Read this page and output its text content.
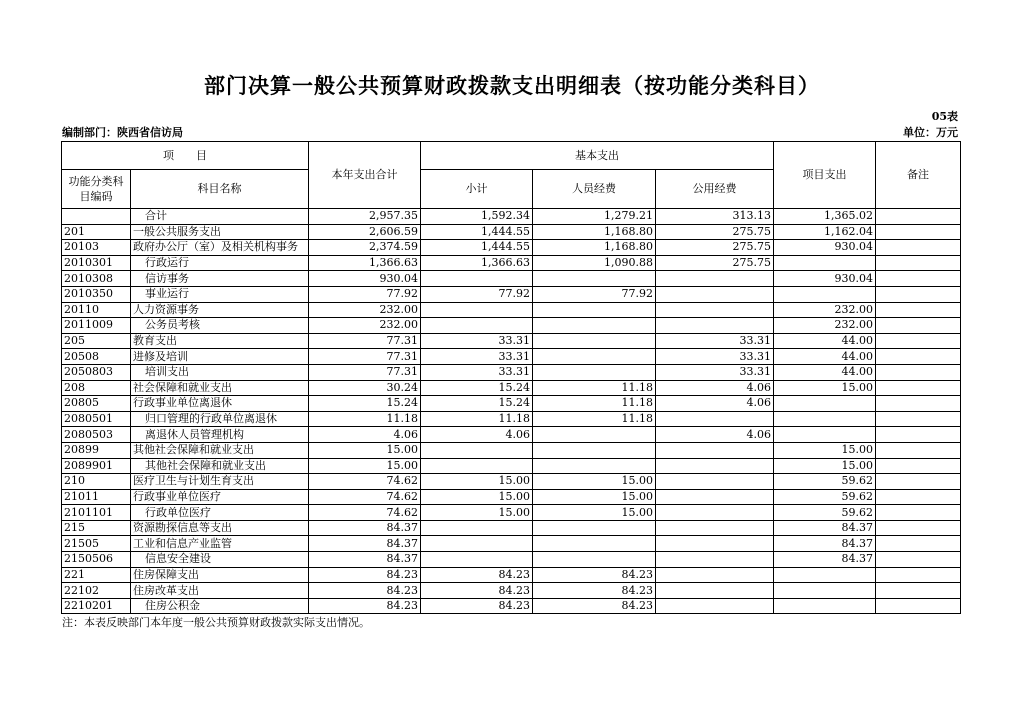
部门决算一般公共预算财政拨款支出明细表（按功能分类科目）
05表
编制部门：陕西省信访局	单位：万元
项　　目		本年支出合计	基本支出			项目支出	备注
功能分类科目编码	科目名称		小计	人员经费	公用经费		
	合计	2,957.35	1,592.34	1,279.21	313.13	1,365.02	
201	一般公共服务支出	2,606.59	1,444.55	1,168.80	275.75	1,162.04	
20103	政府办公厅（室）及相关机构事务	2,374.59	1,444.55	1,168.80	275.75	930.04	
2010301	行政运行	1,366.63	1,366.63	1,090.88	275.75		
2010308	信访事务	930.04				930.04	
2010350	事业运行	77.92	77.92	77.92			
20110	人力资源事务	232.00				232.00	
2011009	公务员考核	232.00				232.00	
205	教育支出	77.31	33.31		33.31	44.00	
20508	进修及培训	77.31	33.31		33.31	44.00	
2050803	培训支出	77.31	33.31		33.31	44.00	
208	社会保障和就业支出	30.24	15.24	11.18	4.06	15.00	
20805	行政事业单位离退休	15.24	15.24	11.18	4.06		
2080501	归口管理的行政单位离退休	11.18	11.18	11.18			
2080503	离退休人员管理机构	4.06	4.06		4.06		
20899	其他社会保障和就业支出	15.00				15.00	
2089901	其他社会保障和就业支出	15.00				15.00	
210	医疗卫生与计划生育支出	74.62	15.00	15.00		59.62	
21011	行政事业单位医疗	74.62	15.00	15.00		59.62	
2101101	行政单位医疗	74.62	15.00	15.00		59.62	
215	资源勘探信息等支出	84.37				84.37	
21505	工业和信息产业监管	84.37				84.37	
2150506	信息安全建设	84.37				84.37	
221	住房保障支出	84.23	84.23	84.23			
22102	住房改革支出	84.23	84.23	84.23			
2210201	住房公积金	84.23	84.23	84.23			
注：本表反映部门本年度一般公共预算财政拨款实际支出情况。
